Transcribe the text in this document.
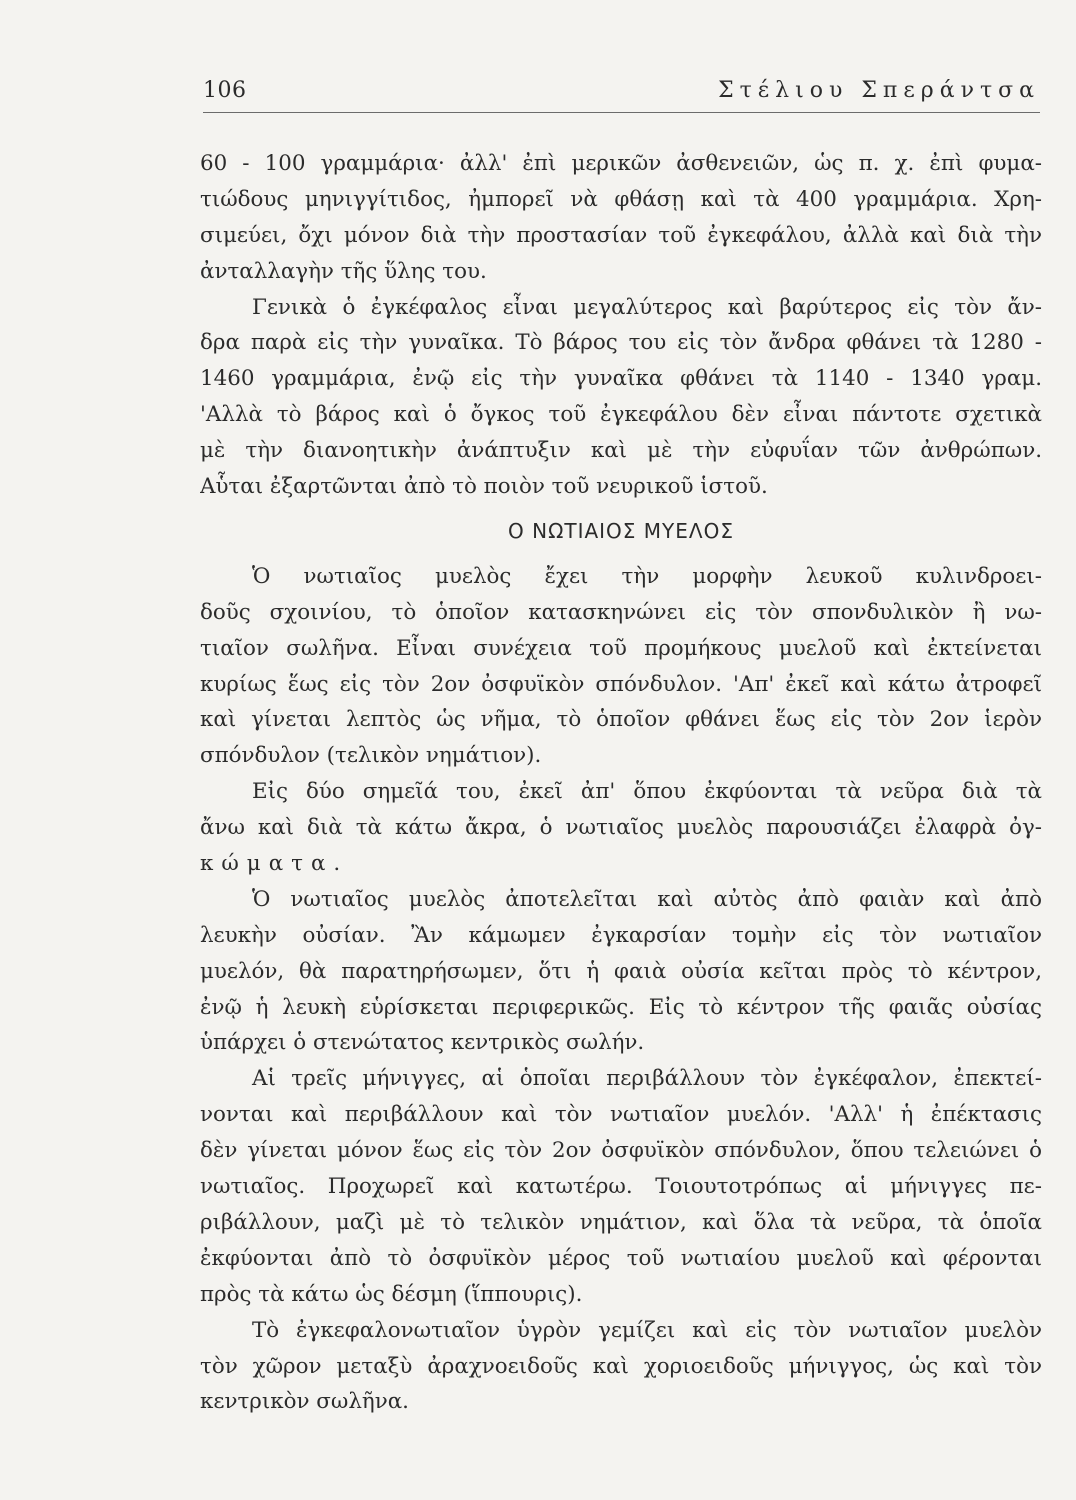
106	Στέλιου Σπεράντσα
60 - 100 γραμμάρια· ἀλλ' ἐπὶ μερικῶν ἀσθενειῶν, ὡς π. χ. ἐπὶ φυμα-
τιώδους μηνιγγίτιδος, ἠμπορεῖ νὰ φθάσῃ καὶ τὰ 400 γραμμάρια. Χρη-
σιμεύει, ὄχι μόνον διὰ τὴν προστασίαν τοῦ ἐγκεφάλου, ἀλλὰ καὶ διὰ τὴν
ἀνταλλαγὴν τῆς ὕλης του.
Γενικὰ ὁ ἐγκέφαλος εἶναι μεγαλύτερος καὶ βαρύτερος εἰς τὸν ἄν-
δρα παρὰ εἰς τὴν γυναῖκα. Τὸ βάρος του εἰς τὸν ἄνδρα φθάνει τὰ 1280 -
1460 γραμμάρια, ἐνῷ εἰς τὴν γυναῖκα φθάνει τὰ 1140 - 1340 γραμ.
'Αλλὰ τὸ βάρος καὶ ὁ ὄγκος τοῦ ἐγκεφάλου δὲν εἶναι πάντοτε σχετικὰ
μὲ τὴν διανοητικὴν ἀνάπτυξιν καὶ μὲ τὴν εὐφυΐαν τῶν ἀνθρώπων.
Αὗται ἐξαρτῶνται ἀπὸ τὸ ποιὸν τοῦ νευρικοῦ ἱστοῦ.
Ο ΝΩΤΙΑΙΟΣ ΜΥΕΛΟΣ
Ὁ νωτιαῖος μυελὸς ἔχει τὴν μορφὴν λευκοῦ κυλινδροει-
δοῦς σχοινίου, τὸ ὁποῖον κατασκηνώνει εἰς τὸν σπονδυλικὸν ἢ νω-
τιαῖον σωλῆνα. Εἶναι συνέχεια τοῦ προμήκους μυελοῦ καὶ ἐκτείνεται
κυρίως ἕως εἰς τὸν 2ον ὀσφυϊκὸν σπόνδυλον. 'Απ' ἐκεῖ καὶ κάτω ἀτροφεῖ
καὶ γίνεται λεπτὸς ὡς νῆμα, τὸ ὁποῖον φθάνει ἕως εἰς τὸν 2ον ἱερὸν
σπόνδυλον (τελικὸν νημάτιον).
Εἰς δύο σημεῖά του, ἐκεῖ ἀπ' ὅπου ἐκφύονται τὰ νεῦρα διὰ τὰ
ἄνω καὶ διὰ τὰ κάτω ἄκρα, ὁ νωτιαῖος μυελὸς παρουσιάζει ἐλαφρὰ ὀγ-
κώματα.
Ὁ νωτιαῖος μυελὸς ἀποτελεῖται καὶ αὐτὸς ἀπὸ φαιὰν καὶ ἀπὸ
λευκὴν οὐσίαν. Ἂν κάμωμεν ἐγκαρσίαν τομὴν εἰς τὸν νωτιαῖον
μυελόν, θὰ παρατηρήσωμεν, ὅτι ἡ φαιὰ οὐσία κεῖται πρὸς τὸ κέντρον,
ἐνῷ ἡ λευκὴ εὑρίσκεται περιφερικῶς. Εἰς τὸ κέντρον τῆς φαιᾶς οὐσίας
ὑπάρχει ὁ στενώτατος κεντρικὸς σωλήν.
Αἱ τρεῖς μήνιγγες, αἱ ὁποῖαι περιβάλλουν τὸν ἐγκέφαλον, ἐπεκτεί-
νονται καὶ περιβάλλουν καὶ τὸν νωτιαῖον μυελόν. 'Αλλ' ἡ ἐπέκτασις
δὲν γίνεται μόνον ἕως εἰς τὸν 2ον ὀσφυϊκὸν σπόνδυλον, ὅπου τελειώνει ὁ
νωτιαῖος. Προχωρεῖ καὶ κατωτέρω. Τοιουτοτρόπως αἱ μήνιγγες πε-
ριβάλλουν, μαζὶ μὲ τὸ τελικὸν νημάτιον, καὶ ὅλα τὰ νεῦρα, τὰ ὁποῖα
ἐκφύονται ἀπὸ τὸ ὀσφυϊκὸν μέρος τοῦ νωτιαίου μυελοῦ καὶ φέρονται
πρὸς τὰ κάτω ὡς δέσμη (ἵππουρις).
Τὸ ἐγκεφαλονωτιαῖον ὑγρὸν γεμίζει καὶ εἰς τὸν νωτιαῖον μυελὸν
τὸν χῶρον μεταξὺ ἀραχνοειδοῦς καὶ χοριοειδοῦς μήνιγγος, ὡς καὶ τὸν
κεντρικὸν σωλῆνα.
